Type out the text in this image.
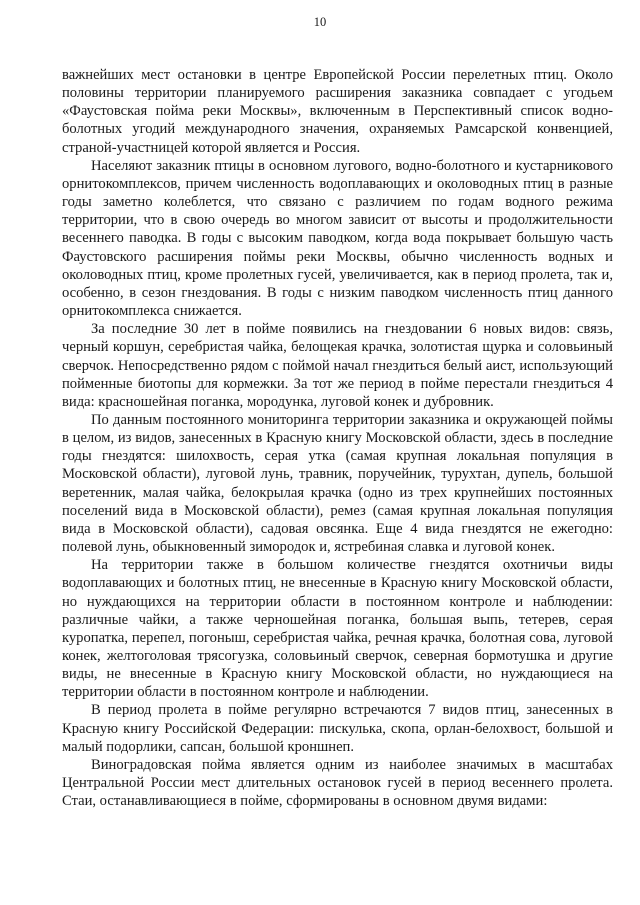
10

важнейших мест остановки в центре Европейской России перелетных птиц. Около половины территории планируемого расширения заказника совпадает с угодьем «Фаустовская пойма реки Москвы», включенным в Перспективный список водно-болотных угодий международного значения, охраняемых Рамсарской конвенцией, страной-участницей которой является и Россия.

Населяют заказник птицы в основном лугового, водно-болотного и кустарникового орнитокомплексов, причем численность водоплавающих и околоводных птиц в разные годы заметно колеблется, что связано с различием по годам водного режима территории, что в свою очередь во многом зависит от высоты и продолжительности весеннего паводка. В годы с высоким паводком, когда вода покрывает большую часть Фаустовского расширения поймы реки Москвы, обычно численность водных и околоводных птиц, кроме пролетных гусей, увеличивается, как в период пролета, так и, особенно, в сезон гнездования. В годы с низким паводком численность птиц данного орнитокомплекса снижается.

За последние 30 лет в пойме появились на гнездовании 6 новых видов: связь, черный коршун, серебристая чайка, белощекая крачка, золотистая щурка и соловьиный сверчок. Непосредственно рядом с поймой начал гнездиться белый аист, использующий пойменные биотопы для кормежки. За тот же период в пойме перестали гнездиться 4 вида: красношейная поганка, мородунка, луговой конек и дубровник.

По данным постоянного мониторинга территории заказника и окружающей поймы в целом, из видов, занесенных в Красную книгу Московской области, здесь в последние годы гнездятся: шилохвость, серая утка (самая крупная локальная популяция в Московской области), луговой лунь, травник, поручейник, турухтан, дупель, большой веретенник, малая чайка, белокрылая крачка (одно из трех крупнейших постоянных поселений вида в Московской области), ремез (самая крупная локальная популяция вида в Московской области), садовая овсянка. Еще 4 вида гнездятся не ежегодно: полевой лунь, обыкновенный зимородок и, ястребиная славка и луговой конек.

На территории также в большом количестве гнездятся охотничьи виды водоплавающих и болотных птиц, не внесенные в Красную книгу Московской области, но нуждающихся на территории области в постоянном контроле и наблюдении: различные чайки, а также черношейная поганка, большая выпь, тетерев, серая куропатка, перепел, погоныш, серебристая чайка, речная крачка, болотная сова, луговой конек, желтоголовая трясогузка, соловьиный сверчок, северная бормотушка и другие виды, не внесенные в Красную книгу Московской области, но нуждающиеся на территории области в постоянном контроле и наблюдении.

В период пролета в пойме регулярно встречаются 7 видов птиц, занесенных в Красную книгу Российской Федерации: пискулька, скопа, орлан-белохвост, большой и малый подорлики, сапсан, большой кроншнеп.

Виноградовская пойма является одним из наиболее значимых в масштабах Центральной России мест длительных остановок гусей в период весеннего пролета. Стаи, останавливающиеся в пойме, сформированы в основном двумя видами:
